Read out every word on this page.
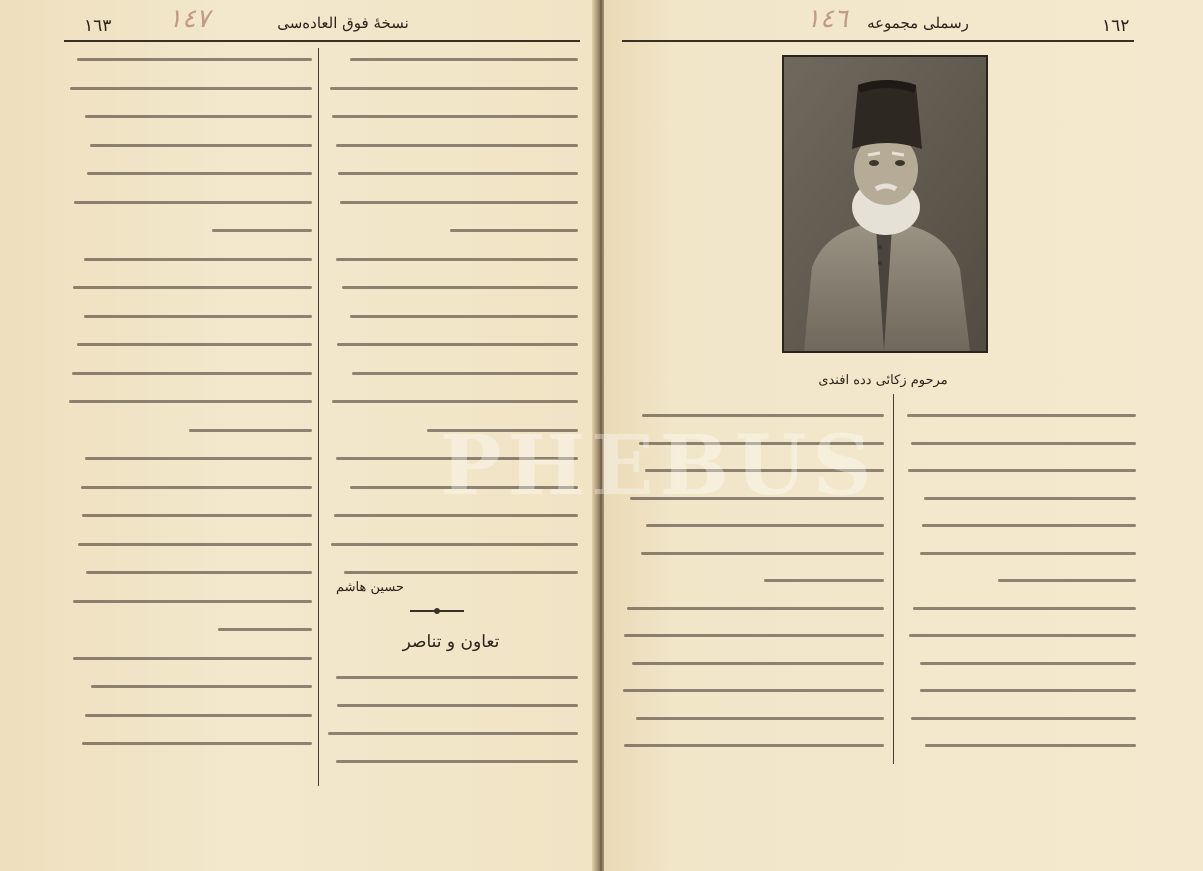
١٦٣ ١٤٧	نسخۀ فوق العاده‌سی
حسین هاشم
تعاون و تناصر
رسملی مجموعه
١٤٦	١٦٢
مرحوم زكائی دده افندی
PHEBUS
